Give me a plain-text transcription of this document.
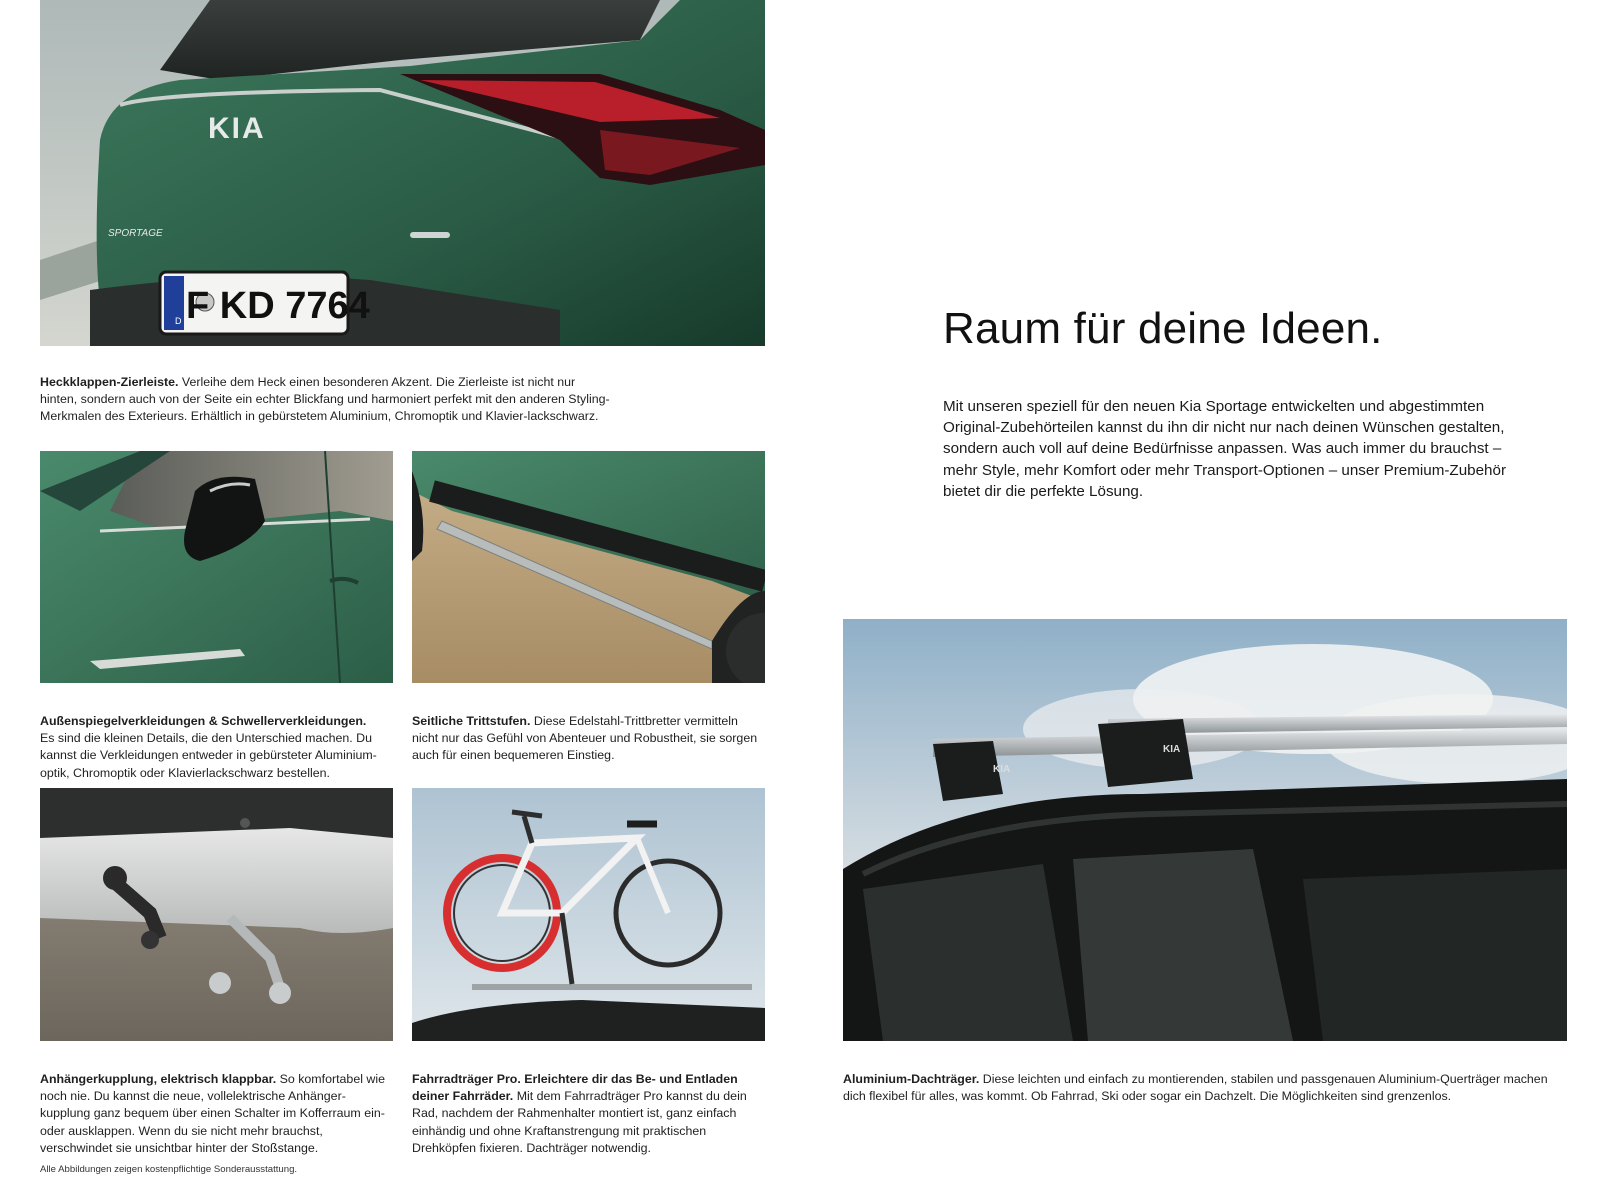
D F KD 7764
KIA
SPORTAGE
Heckklappen-Zierleiste. Verleihe dem Heck einen besonderen Akzent. Die Zierleiste ist nicht nur hinten, sondern auch von der Seite ein echter Blickfang und harmoniert perfekt mit den anderen Styling-Merkmalen des Exterieurs. Erhältlich in gebürstetem Aluminium, Chromoptik und Klavier-lackschwarz.
Außenspiegelverkleidungen & Schwellerverkleidungen.
Es sind die kleinen Details, die den Unterschied machen. Du kannst die Verkleidungen entweder in gebürsteter Aluminium-optik, Chromoptik oder Klavierlackschwarz bestellen.
Seitliche Trittstufen. Diese Edelstahl-Trittbretter vermitteln nicht nur das Gefühl von Abenteuer und Robustheit, sie sorgen auch für einen bequemeren Einstieg.
Anhängerkupplung, elektrisch klappbar. So komfortabel wie noch nie. Du kannst die neue, vollelektrische Anhänger-kupplung ganz bequem über einen Schalter im Kofferraum ein- oder ausklappen. Wenn du sie nicht mehr brauchst, verschwindet sie unsichtbar hinter der Stoßstange.
Fahrradträger Pro. Erleichtere dir das Be- und Entladen deiner Fahrräder. Mit dem Fahrradträger Pro kannst du dein Rad, nachdem der Rahmenhalter montiert ist, ganz einfach einhändig und ohne Kraftanstrengung mit praktischen Drehköpfen fixieren. Dachträger notwendig.
Alle Abbildungen zeigen kostenpflichtige Sonderausstattung.
Raum für deine Ideen.

Mit unseren speziell für den neuen Kia Sportage entwickelten und abgestimmten Original-Zubehörteilen kannst du ihn dir nicht nur nach deinen Wünschen gestalten, sondern auch voll auf deine Bedürfnisse anpassen. Was auch immer du brauchst – mehr Style, mehr Komfort oder mehr Transport-Optionen – unser Premium-Zubehör bietet dir die perfekte Lösung.

KIA
KIA
Aluminium-Dachträger. Diese leichten und einfach zu montierenden, stabilen und passgenauen Aluminium-Querträger machen dich flexibel für alles, was kommt. Ob Fahrrad, Ski oder sogar ein Dachzelt. Die Möglichkeiten sind grenzenlos.
